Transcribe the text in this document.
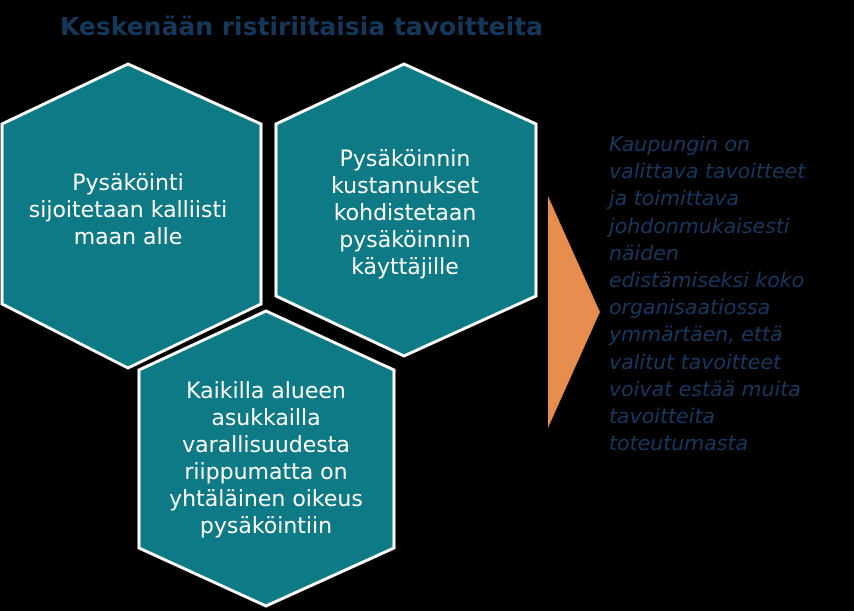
Keskenään ristiriitaisia tavoitteita
Pysäköinti
sijoitetaan kalliisti
maan alle
Pysäköinnin
kustannukset
kohdistetaan
pysäköinnin
käyttäjille
Kaikilla alueen
asukkailla
varallisuudesta
riippumatta on
yhtäläinen oikeus
pysäköintiin
Kaupungin on
valittava tavoitteet
ja toimittava
johdonmukaisesti
näiden
edistämiseksi koko
organisaatiossa
ymmärtäen, että
valitut tavoitteet
voivat estää muita
tavoitteita
toteutumasta
